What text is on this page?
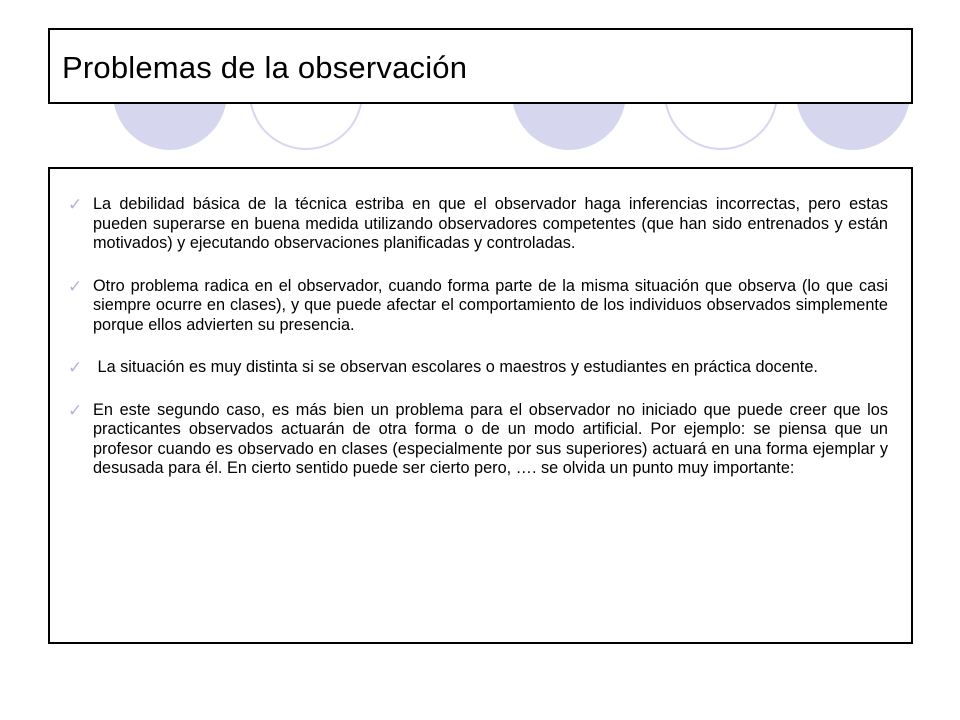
Problemas de la observación
✓ La debilidad básica de la técnica estriba en que el observador haga inferencias incorrectas, pero estas pueden superarse en buena medida utilizando observadores competentes (que han sido entrenados y están motivados) y ejecutando observaciones planificadas y controladas.
✓ Otro problema radica en el observador, cuando forma parte de la misma situación que observa (lo que casi siempre ocurre en clases), y que puede afectar el comportamiento de los individuos observados simplemente porque ellos advierten su presencia.
✓ La situación es muy distinta si se observan escolares o maestros y estudiantes en práctica docente.
✓ En este segundo caso, es más bien un problema para el observador no iniciado que puede creer que los practicantes observados actuarán de otra forma o de un modo artificial. Por ejemplo: se piensa que un profesor cuando es observado en clases (especialmente por sus superiores) actuará en una forma ejemplar y desusada para él. En cierto sentido puede ser cierto pero, …. se olvida un punto muy importante:
